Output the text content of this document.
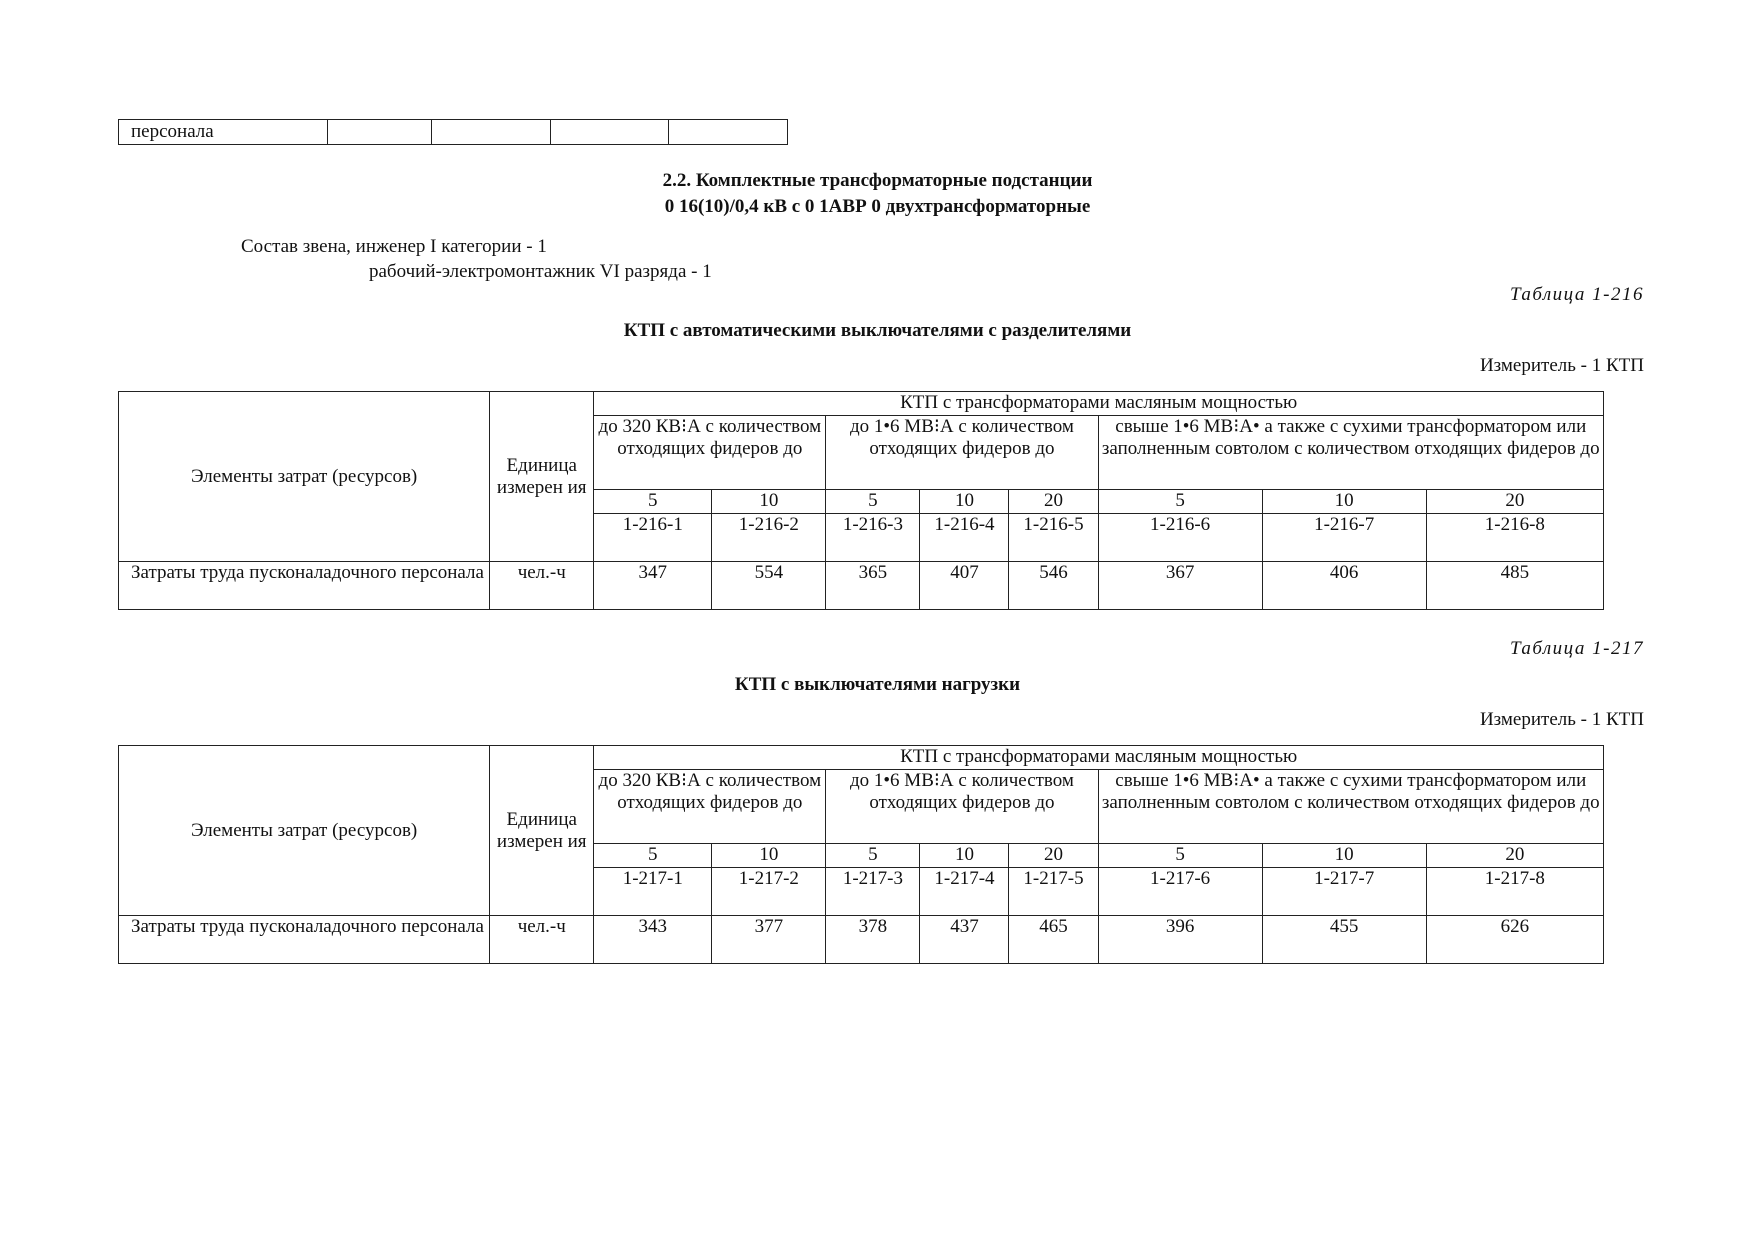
персонала				
2.2. Комплектные трансформаторные подстанции
0 16(10)/0,4 кВ с 0 1АВР 0 двухтрансформаторные
Состав звена, инженер I категории - 1
рабочий-электромонтажник VI разряда - 1
Таблица 1-216
КТП с автоматическими выключателями с разделителями
Измеритель - 1 КТП
Элементы затрат (ресурсов)	Единица измерен ия	КТП с трансформаторами масляным мощностью							
		до 320 КВ⁝А с количеством отходящих фидеров до		до 1•6 МВ⁝А с количеством отходящих фидеров до			свыше 1•6 МВ⁝А• а также с сухими трансформатором или заполненным совтолом с количеством отходящих фидеров до		
		5	10	5	10	20	5	10	20
		1-216-1	1-216-2	1-216-3	1-216-4	1-216-5	1-216-6	1-216-7	1-216-8
Затраты труда пусконаладочного персонала	чел.-ч	347	554	365	407	546	367	406	485
Таблица 1-217
КТП с выключателями нагрузки
Измеритель - 1 КТП
Элементы затрат (ресурсов)	Единица измерен ия	КТП с трансформаторами масляным мощностью							
		до 320 КВ⁝А с количеством отходящих фидеров до		до 1•6 МВ⁝А с количеством отходящих фидеров до			свыше 1•6 МВ⁝А• а также с сухими трансформатором или заполненным совтолом с количеством отходящих фидеров до		
		5	10	5	10	20	5	10	20
		1-217-1	1-217-2	1-217-3	1-217-4	1-217-5	1-217-6	1-217-7	1-217-8
Затраты труда пусконаладочного персонала	чел.-ч	343	377	378	437	465	396	455	626
